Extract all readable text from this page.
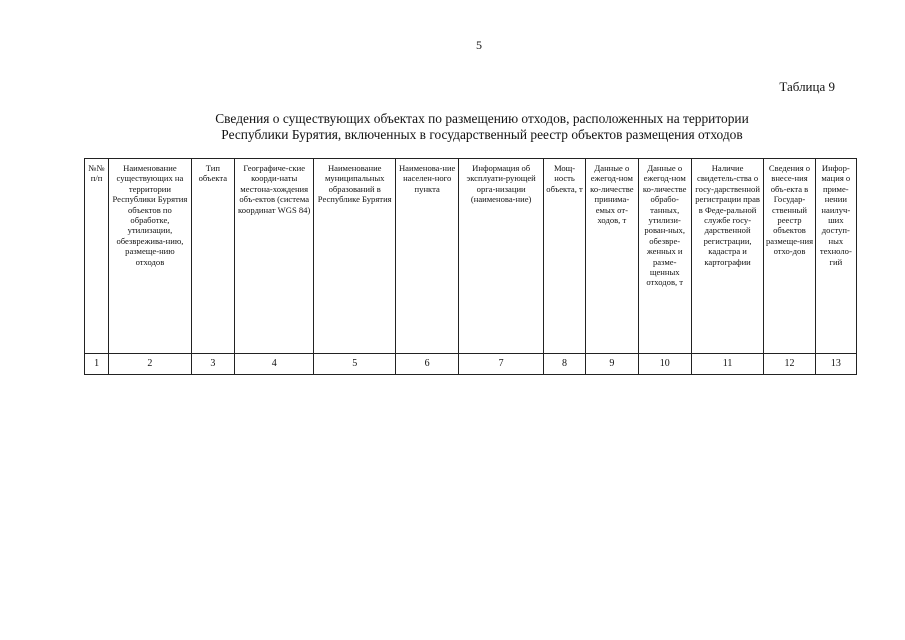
5
Таблица 9
Сведения о существующих объектах по размещению отходов, расположенных на территории
Республики Бурятия, включенных в государственный реестр объектов размещения отходов
№№ п/п	Наименование существующих на территории Республики Бурятия объектов по обработке, утилизации, обезврежива-нию, размеще-нию отходов	Тип объекта	Географиче-ские коорди-наты местона-хождения объ-ектов (система координат WGS 84)	Наименование муниципальных образований в Республике Бурятия	Наименова-ние населен-ного пункта	Информация об эксплуати-рующей орга-низации (наименова-ние)	Мощ-ность объекта, т	Данные о ежегод-ном ко-личестве принима-емых от-ходов, т	Данные о ежегод-ном ко-личестве обрабо-танных, утилизи-рован-ных, обезвре-женных и разме-щенных отходов, т	Наличие свидетель-ства о госу-дарственной регистрации прав в Феде-ральной службе госу-дарственной регистрации, кадастра и картографии	Сведения о внесе-ния объ-екта в Государ-ственный реестр объектов размеще-ния отхо-дов	Инфор-мация о приме-нении наилуч-ших доступ-ных техноло-гий
1	2	3	4	5	6	7	8	9	10	11	12	13
